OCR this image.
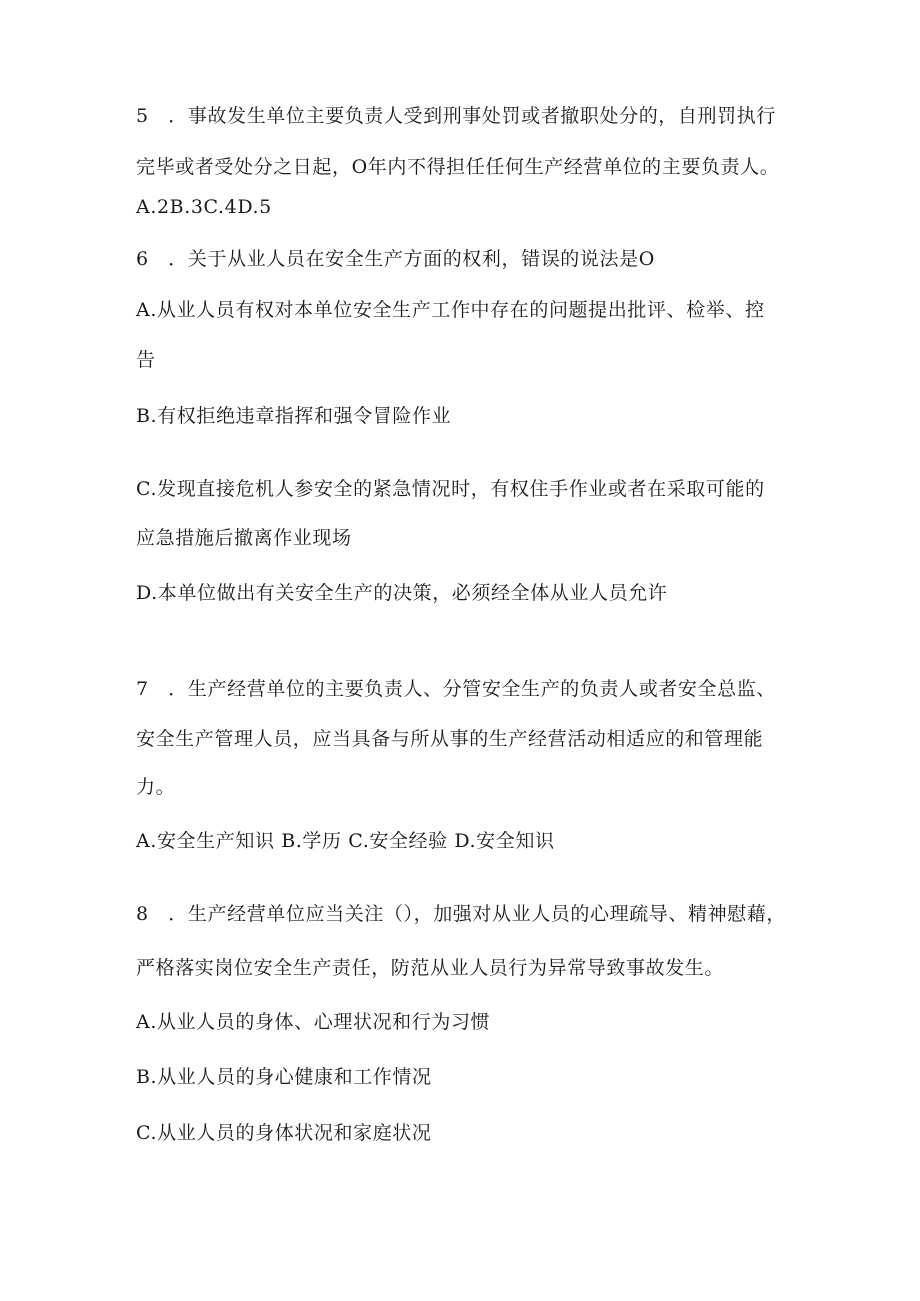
5 ．事故发生单位主要负责人受到刑事处罚或者撤职处分的，自刑罚执行
完毕或者受处分之日起，O年内不得担任任何生产经营单位的主要负责人。
A.2B.3C.4D.5
6 ．关于从业人员在安全生产方面的权利，错误的说法是O
A.从业人员有权对本单位安全生产工作中存在的问题提出批评、检举、控
告
B.有权拒绝违章指挥和强令冒险作业
C.发现直接危机人参安全的紧急情况时，有权住手作业或者在采取可能的
应急措施后撤离作业现场
D.本单位做出有关安全生产的决策，必须经全体从业人员允许
7 ．生产经营单位的主要负责人、分管安全生产的负责人或者安全总监、
安全生产管理人员，应当具备与所从事的生产经营活动相适应的和管理能
力。
A.安全生产知识 B.学历 C.安全经验 D.安全知识
8 ．生产经营单位应当关注（），加强对从业人员的心理疏导、精神慰藉，
严格落实岗位安全生产责任，防范从业人员行为异常导致事故发生。
A.从业人员的身体、心理状况和行为习惯
B.从业人员的身心健康和工作情况
C.从业人员的身体状况和家庭状况
